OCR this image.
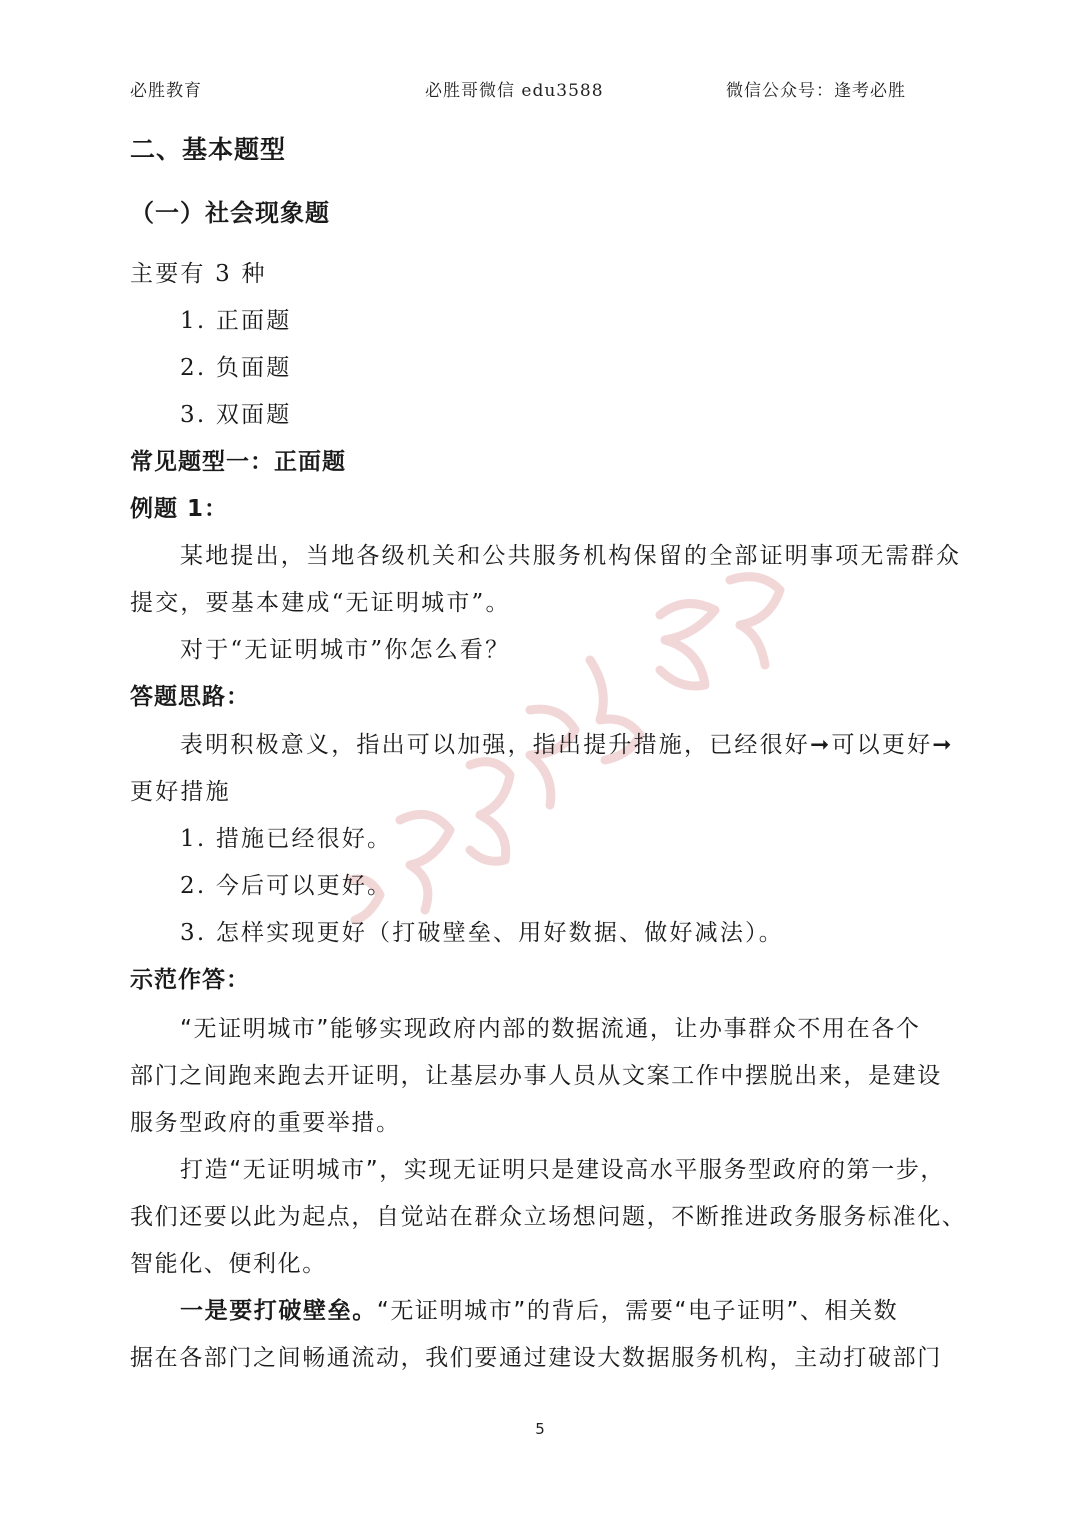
必胜教育	必胜哥微信 edu3588	微信公众号：逢考必胜
二、基本题型
（一）社会现象题
主要有 3 种
1. 正面题
2. 负面题
3. 双面题
常见题型一：正面题
例题 1：
某地提出，当地各级机关和公共服务机构保留的全部证明事项无需群众
提交，要基本建成“无证明城市”。
对于“无证明城市”你怎么看？
答题思路：
表明积极意义，指出可以加强，指出提升措施，已经很好➞可以更好➞
更好措施
1. 措施已经很好。
2. 今后可以更好。
3. 怎样实现更好（打破壁垒、用好数据、做好减法）。
示范作答：
“无证明城市”能够实现政府内部的数据流通，让办事群众不用在各个
部门之间跑来跑去开证明，让基层办事人员从文案工作中摆脱出来，是建设
服务型政府的重要举措。
打造“无证明城市”，实现无证明只是建设高水平服务型政府的第一步，
我们还要以此为起点，自觉站在群众立场想问题，不断推进政务服务标准化、
智能化、便利化。
一是要打破壁垒。“无证明城市”的背后，需要“电子证明”、相关数
据在各部门之间畅通流动，我们要通过建设大数据服务机构，主动打破部门
5
